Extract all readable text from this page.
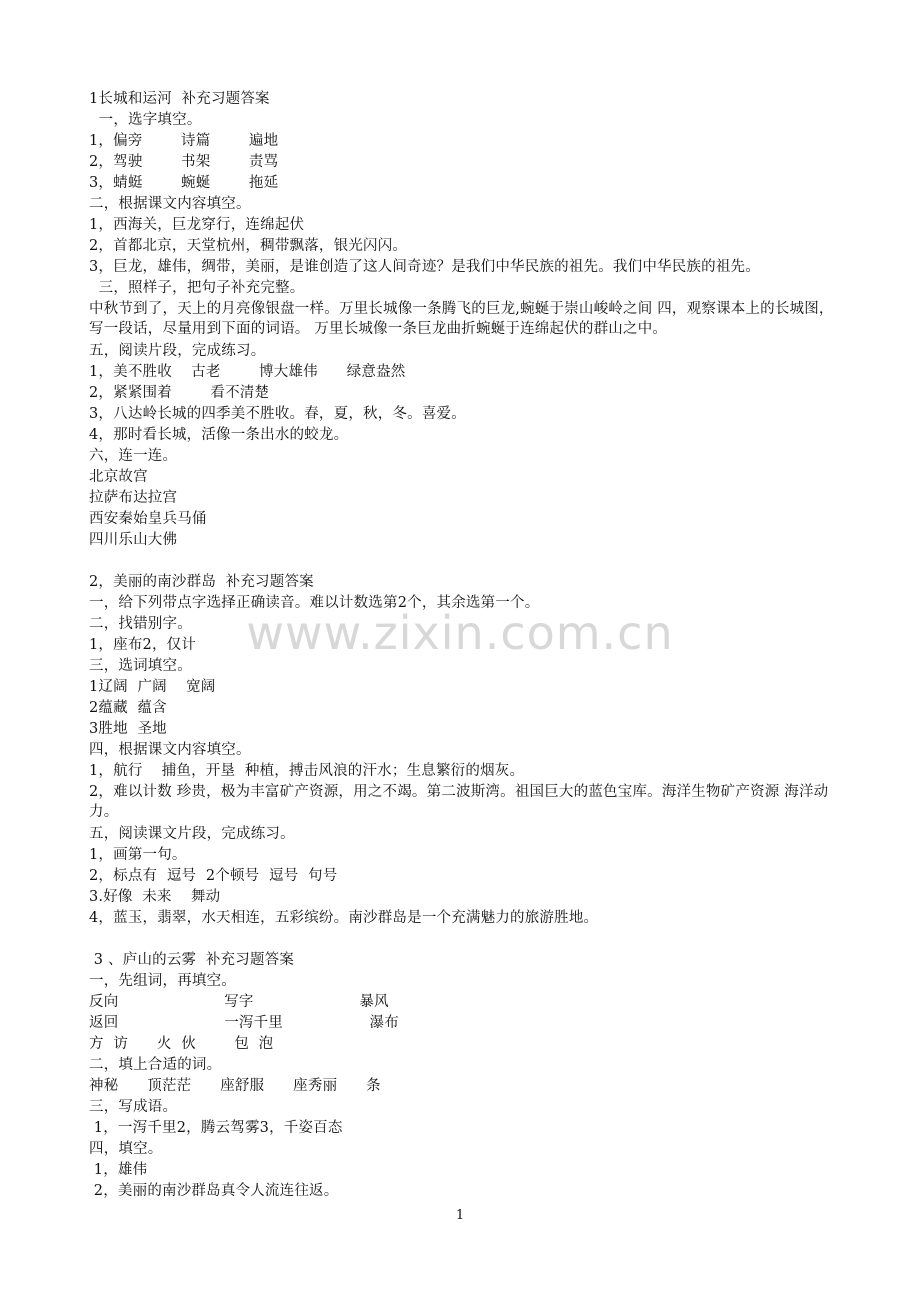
www.zixin.com.cn
1长城和运河  补充习题答案
一，选字填空。
1，偏旁        诗篇        遍地
2，驾驶        书架        责骂
3，蜻蜓        蜿蜒        拖延
二，根据课文内容填空。
1，西海关，巨龙穿行，连绵起伏
2，首都北京，天堂杭州，稠带飘落，银光闪闪。
3，巨龙，雄伟，绸带，美丽，是谁创造了这人间奇迹？是我们中华民族的祖先。我们中华民族的祖先。
三，照样子，把句子补充完整。
中秋节到了，天上的月亮像银盘一样。万里长城像一条腾飞的巨龙,蜿蜒于崇山峻岭之间 四，观察课本上的长城图，写一段话，尽量用到下面的词语。 万里长城像一条巨龙曲折蜿蜒于连绵起伏的群山之中。
五，阅读片段，完成练习。
1，美不胜收    古老        博大雄伟      绿意盎然
2，紧紧围着        看不清楚
3，八达岭长城的四季美不胜收。春，夏，秋，冬。喜爱。
4，那时看长城，活像一条出水的蛟龙。
六，连一连。
北京故宫
拉萨布达拉宫
西安秦始皇兵马俑
四川乐山大佛
2，美丽的南沙群岛  补充习题答案
一，给下列带点字选择正确读音。难以计数选第2个，其余选第一个。
二，找错别字。
1，座布2，仅计
三，选词填空。
1辽阔  广阔    宽阔
2蕴藏  蕴含
3胜地  圣地
四，根据课文内容填空。
1，航行    捕鱼，开垦  种植，搏击风浪的汗水；生息繁衍的烟灰。
2，难以计数 珍贵，极为丰富矿产资源，用之不竭。第二波斯湾。祖国巨大的蓝色宝库。海洋生物矿产资源 海洋动力。
五，阅读课文片段，完成练习。
1，画第一句。
2，标点有  逗号  2个顿号  逗号  句号
3.好像  未来    舞动
4，蓝玉，翡翠，水天相连，五彩缤纷。南沙群岛是一个充满魅力的旅游胜地。
3 、庐山的云雾  补充习题答案
一，先组词，再填空。
反向                      写字                      暴风
返回                      一泻千里                  瀑布
方  访      火  伙        包  泡
二，填上合适的词。
神秘      顶茫茫      座舒服      座秀丽      条
三，写成语。
1，一泻千里2，腾云驾雾3，千姿百态
四，填空。
1，雄伟
2，美丽的南沙群岛真令人流连往返。
1
